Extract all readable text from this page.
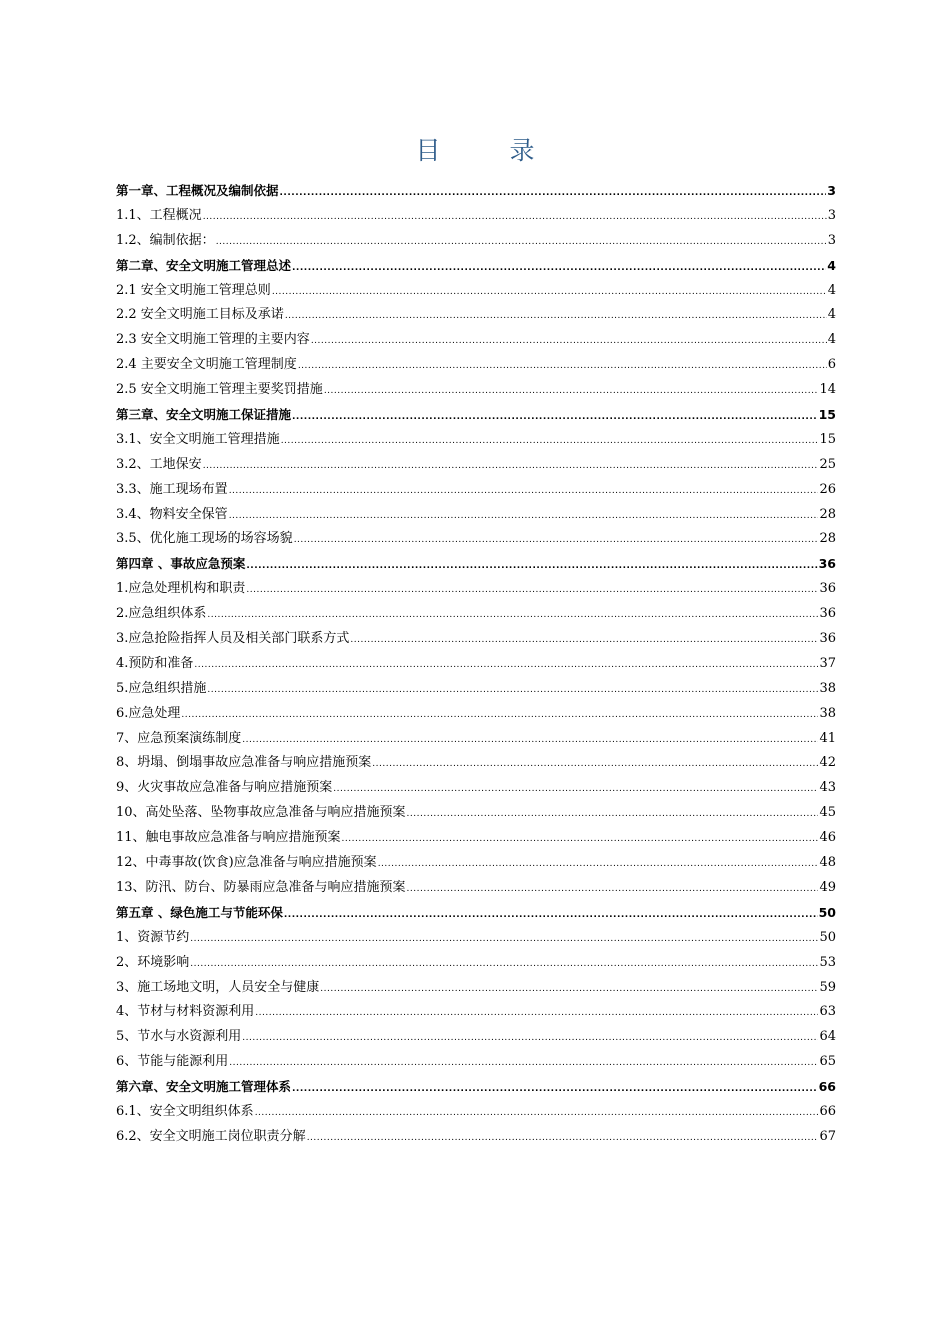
目　录
第一章、工程概况及编制依据 .....	3
1.1、工程概况 .....	3
1.2、编制依据： .....	3
第二章、安全文明施工管理总述 .....	4
2.1 安全文明施工管理总则 .....	4
2.2 安全文明施工目标及承诺 .....	4
2.3 安全文明施工管理的主要内容 .....	4
2.4 主要安全文明施工管理制度 .....	6
2.5 安全文明施工管理主要奖罚措施 .....	14
第三章、安全文明施工保证措施 .....	15
3.1、安全文明施工管理措施 .....	15
3.2、工地保安 .....	25
3.3、施工现场布置 .....	26
3.4、物料安全保管 .....	28
3.5、优化施工现场的场容场貌 .....	28
第四章 、事故应急预案 .....	36
1.应急处理机构和职责 .....	36
2.应急组织体系 .....	36
3.应急抢险指挥人员及相关部门联系方式 .....	36
4.预防和准备 .....	37
5.应急组织措施 .....	38
6.应急处理 .....	38
7、应急预案演练制度 .....	41
8、坍塌、倒塌事故应急准备与响应措施预案 .....	42
9、火灾事故应急准备与响应措施预案 .....	43
10、高处坠落、坠物事故应急准备与响应措施预案 .....	45
11、触电事故应急准备与响应措施预案 .....	46
12、中毒事故(饮食)应急准备与响应措施预案 .....	48
13、防汛、防台、防暴雨应急准备与响应措施预案 .....	49
第五章 、绿色施工与节能环保 .....	50
1、资源节约 .....	50
2、环境影响 .....	53
3、施工场地文明，人员安全与健康 .....	59
4、节材与材料资源利用 .....	63
5、节水与水资源利用 .....	64
6、节能与能源利用 .....	65
第六章、安全文明施工管理体系 .....	66
6.1、安全文明组织体系 .....	66
6.2、安全文明施工岗位职责分解 .....	67
